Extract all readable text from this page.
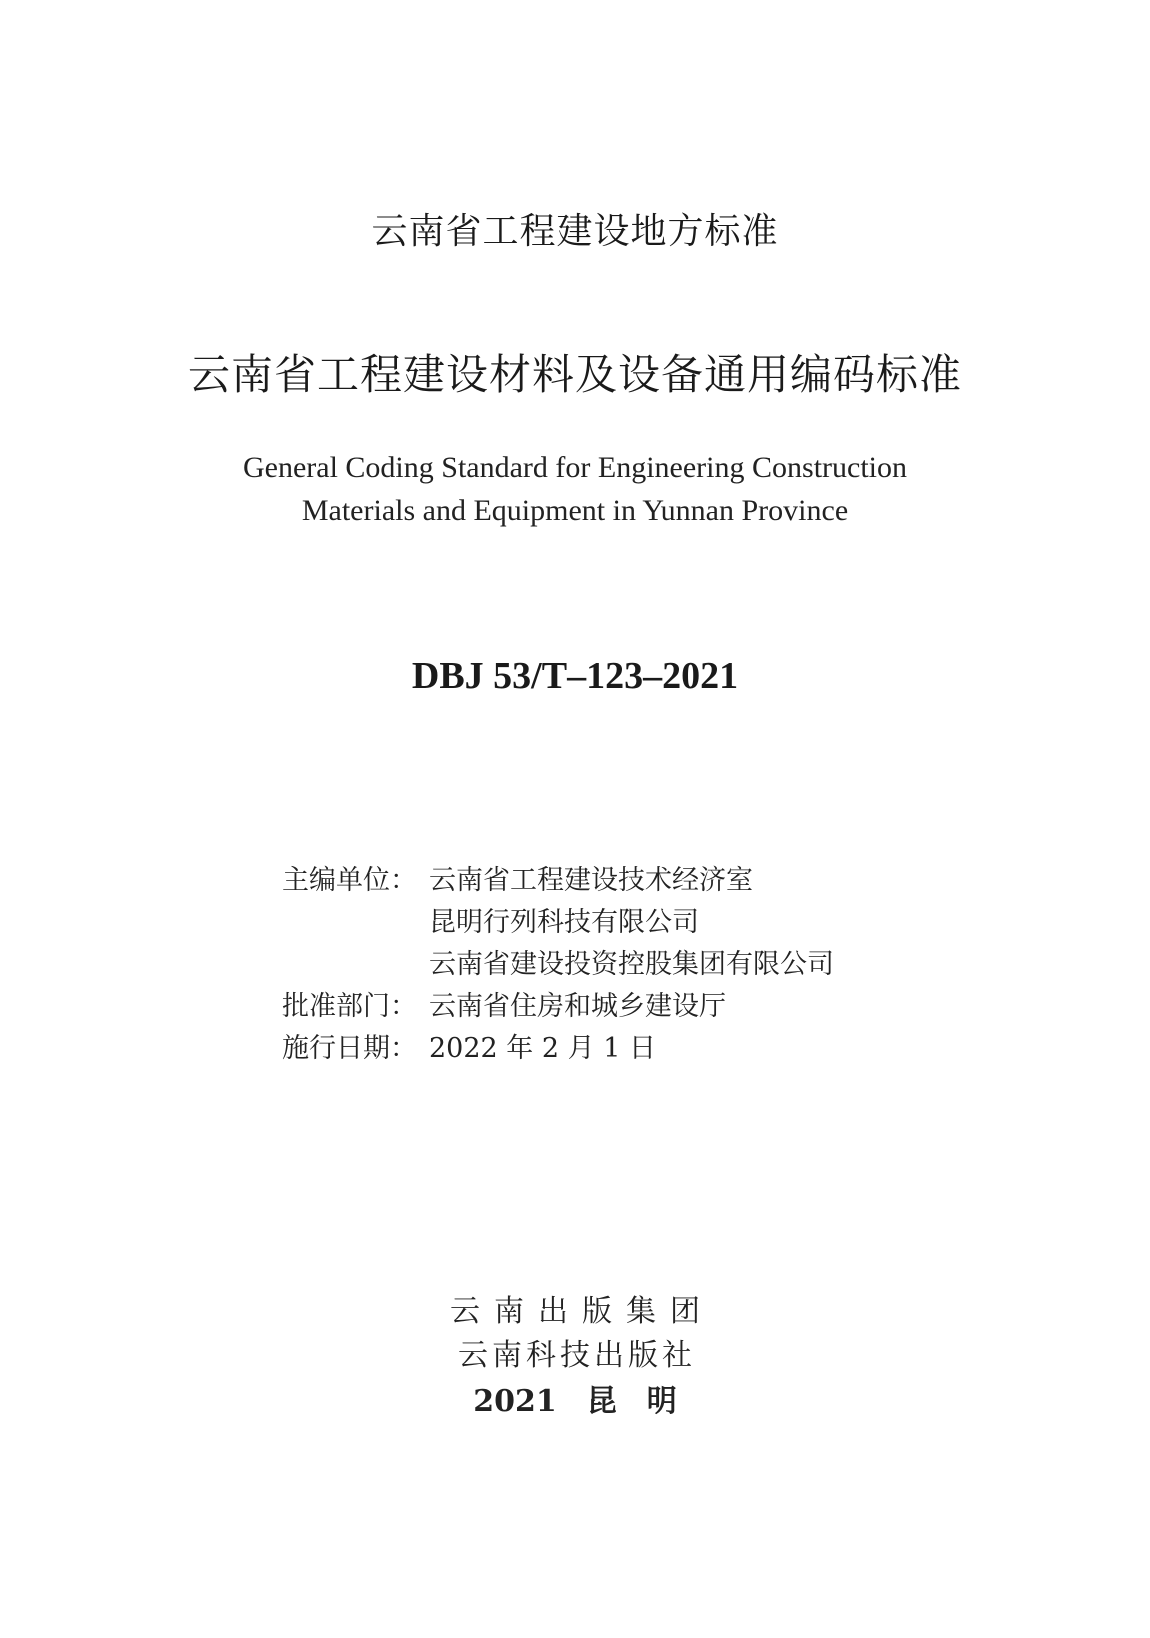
云南省工程建设地方标准
云南省工程建设材料及设备通用编码标准
General Coding Standard for Engineering Construction
Materials and Equipment in Yunnan Province
DBJ 53/T–123–2021
主编单位： 云南省工程建设技术经济室
昆明行列科技有限公司
云南省建设投资控股集团有限公司
批准部门： 云南省住房和城乡建设厅
施行日期： 2022 年 2 月 1 日
云南出版集团
云南科技出版社
2021　昆　明
